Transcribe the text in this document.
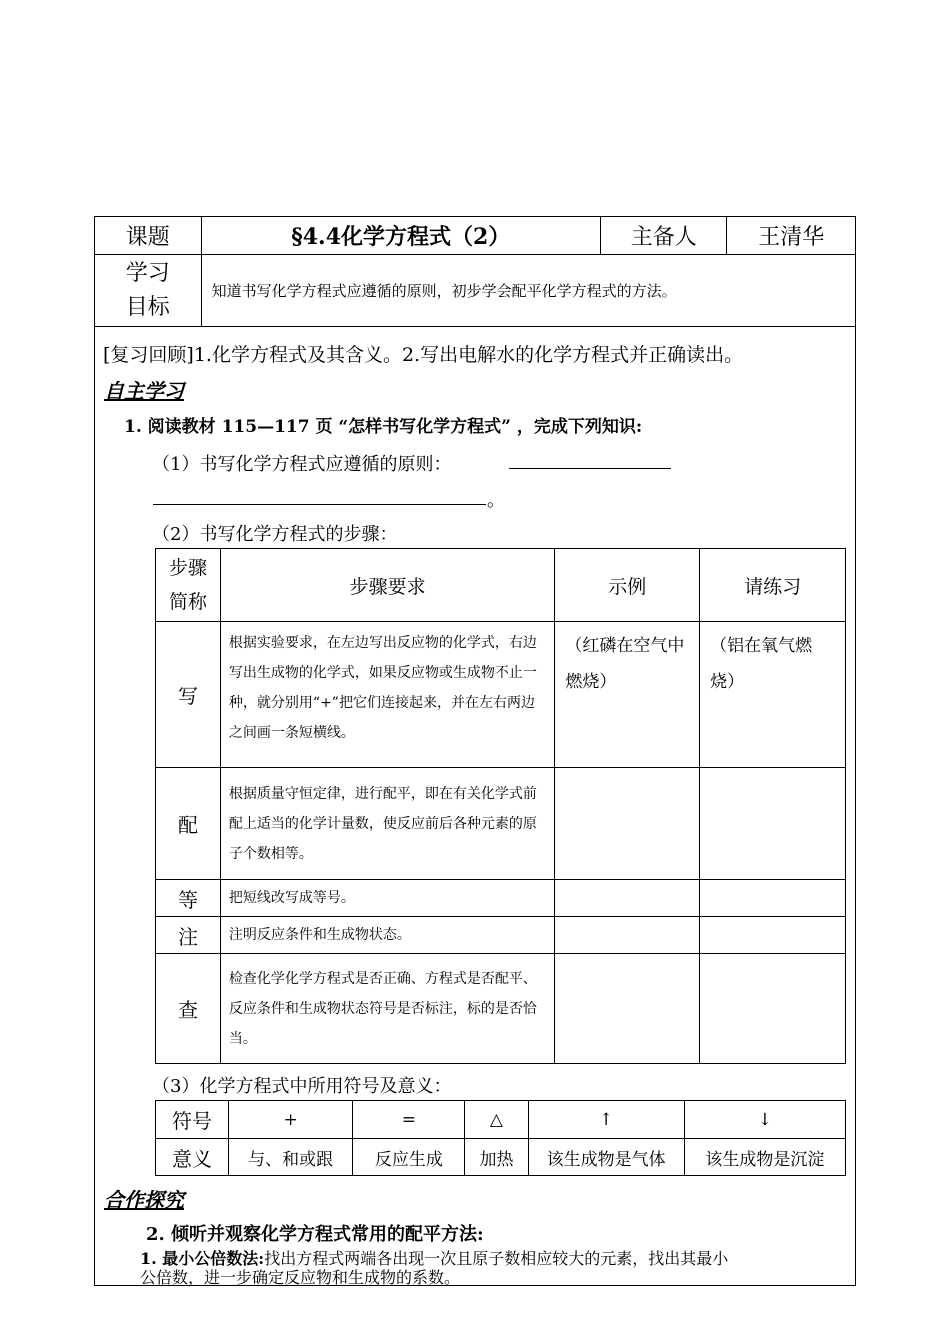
课题	§4.4化学方程式（2）	主备人	王清华
学习
目标	知道书写化学方程式应遵循的原则，初步学会配平化学方程式的方法。		
[复习回顾]1.化学方程式及其含义。2.写出电解水的化学方程式并正确读出。
自主学习
1. 阅读教材 115—117 页 “怎样书写化学方程式” ，完成下列知识:
（1）书写化学方程式应遵循的原则：
。
（2）书写化学方程式的步骤：
步骤
简称	步骤要求	示例	请练习
写	根据实验要求，在左边写出反应物的化学式，右边写出生成物的化学式，如果反应物或生成物不止一种，就分别用“+”把它们连接起来，并在左右两边之间画一条短横线。	（红磷在空气中燃烧）	（铝在氧气燃烧）
配	根据质量守恒定律，进行配平，即在有关化学式前配上适当的化学计量数，使反应前后各种元素的原子个数相等。		
等	把短线改写成等号。		
注	注明反应条件和生成物状态。		
查	检查化学化学方程式是否正确、方程式是否配平、反应条件和生成物状态符号是否标注，标的是否恰当。		
（3）化学方程式中所用符号及意义：
符号	+	=	△	↑	↓
意义	与、和或跟	反应生成	加热	该生成物是气体	该生成物是沉淀
合作探究
2. 倾听并观察化学方程式常用的配平方法:
1. 最小公倍数法:找出方程式两端各出现一次且原子数相应较大的元素，找出其最小
公倍数，进一步确定反应物和生成物的系数。
